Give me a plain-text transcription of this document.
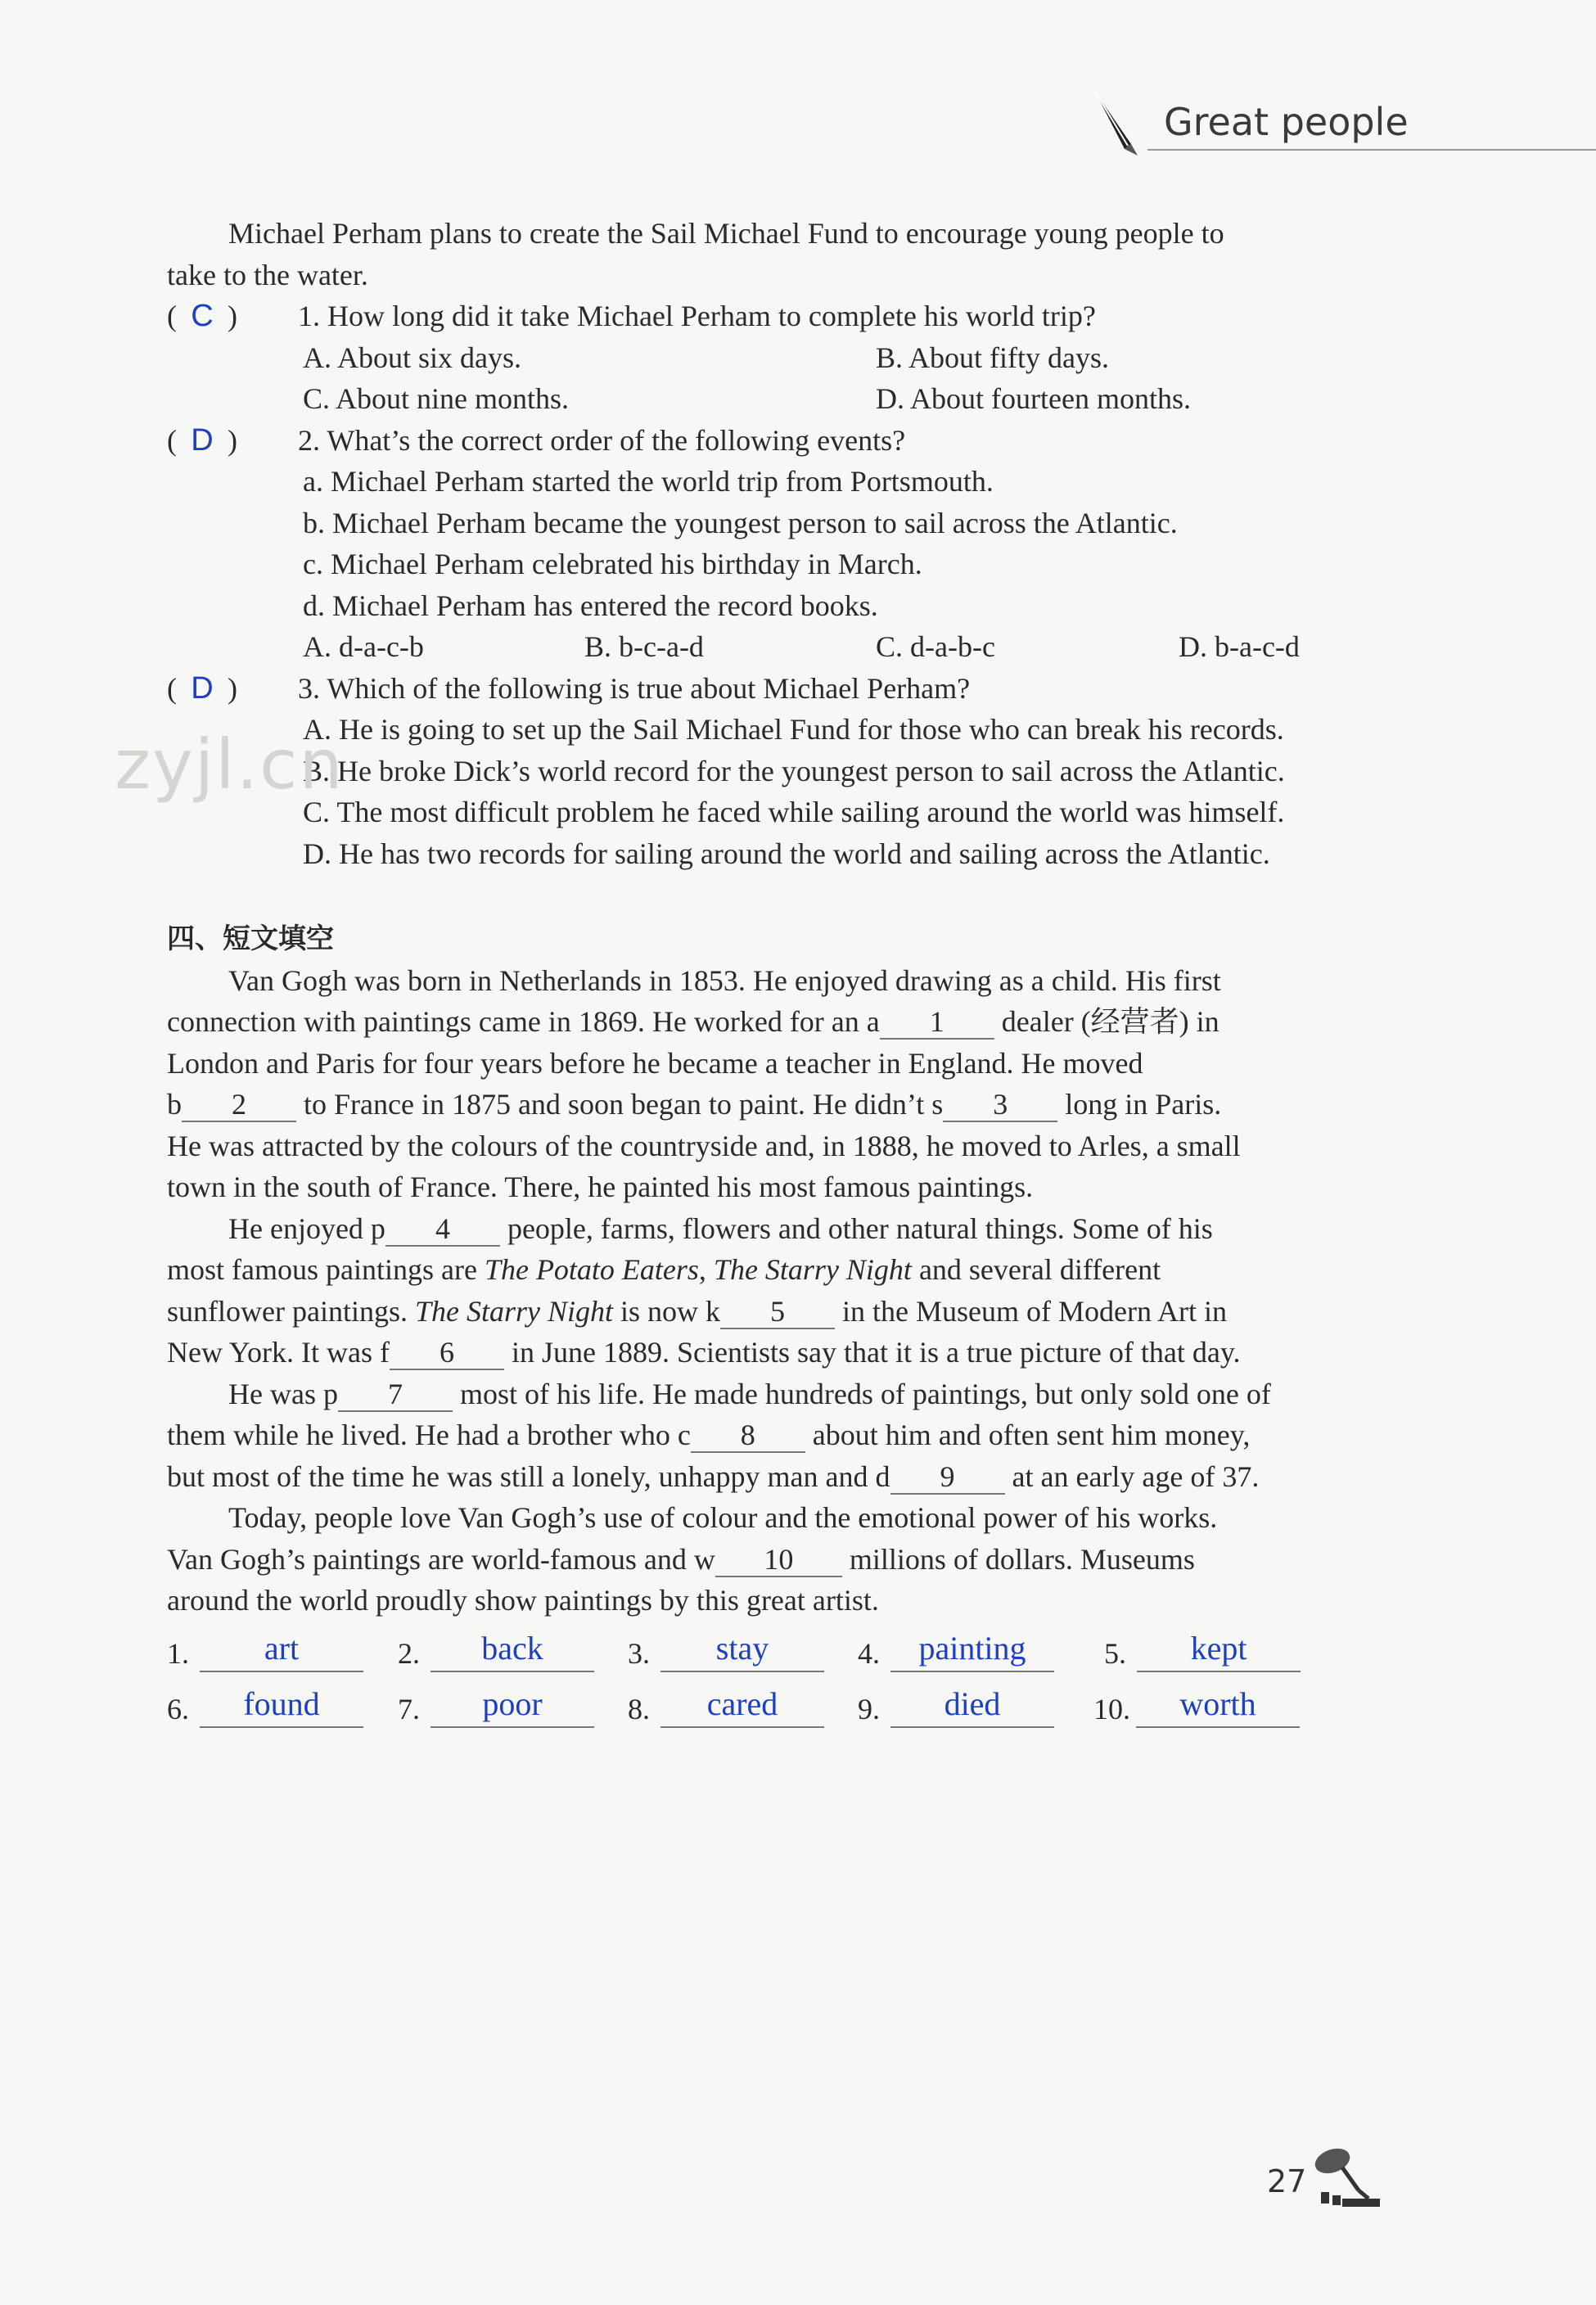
Great people
Michael Perham plans to create the Sail Michael Fund to encourage young people to
take to the water.
( C ) 1. How long did it take Michael Perham to complete his world trip?
A. About six days.	B. About fifty days.
C. About nine months.	D. About fourteen months.
( D ) 2. What’s the correct order of the following events?
a. Michael Perham started the world trip from Portsmouth.
b. Michael Perham became the youngest person to sail across the Atlantic.
c. Michael Perham celebrated his birthday in March.
d. Michael Perham has entered the record books.
A. d-a-c-b	B. b-c-a-d	C. d-a-b-c	D. b-a-c-d
( D ) 3. Which of the following is true about Michael Perham?
A. He is going to set up the Sail Michael Fund for those who can break his records.
B. He broke Dick’s world record for the youngest person to sail across the Atlantic.
C. The most difficult problem he faced while sailing around the world was himself.
D. He has two records for sailing around the world and sailing across the Atlantic.
zyjl.cn
四、短文填空
Van Gogh was born in Netherlands in 1853. He enjoyed drawing as a child. His first
connection with paintings came in 1869. He worked for an a 1 dealer (经营者) in
London and Paris for four years before he became a teacher in England. He moved
b 2 to France in 1875 and soon began to paint. He didn’t s 3 long in Paris.
He was attracted by the colours of the countryside and, in 1888, he moved to Arles, a small
town in the south of France. There, he painted his most famous paintings.
He enjoyed p 4 people, farms, flowers and other natural things. Some of his
most famous paintings are The Potato Eaters, The Starry Night and several different
sunflower paintings. The Starry Night is now k 5 in the Museum of Modern Art in
New York. It was f 6 in June 1889. Scientists say that it is a true picture of that day.
He was p 7 most of his life. He made hundreds of paintings, but only sold one of
them while he lived. He had a brother who c 8 about him and often sent him money,
but most of the time he was still a lonely, unhappy man and d 9 at an early age of 37.
Today, people love Van Gogh’s use of colour and the emotional power of his works.
Van Gogh’s paintings are world-famous and w 10 millions of dollars. Museums
around the world proudly show paintings by this great artist.
1.	art	2.	back	3.	stay	4.	painting	5.	kept
6.	found	7.	poor	8.	cared	9.	died	10.	worth
27
